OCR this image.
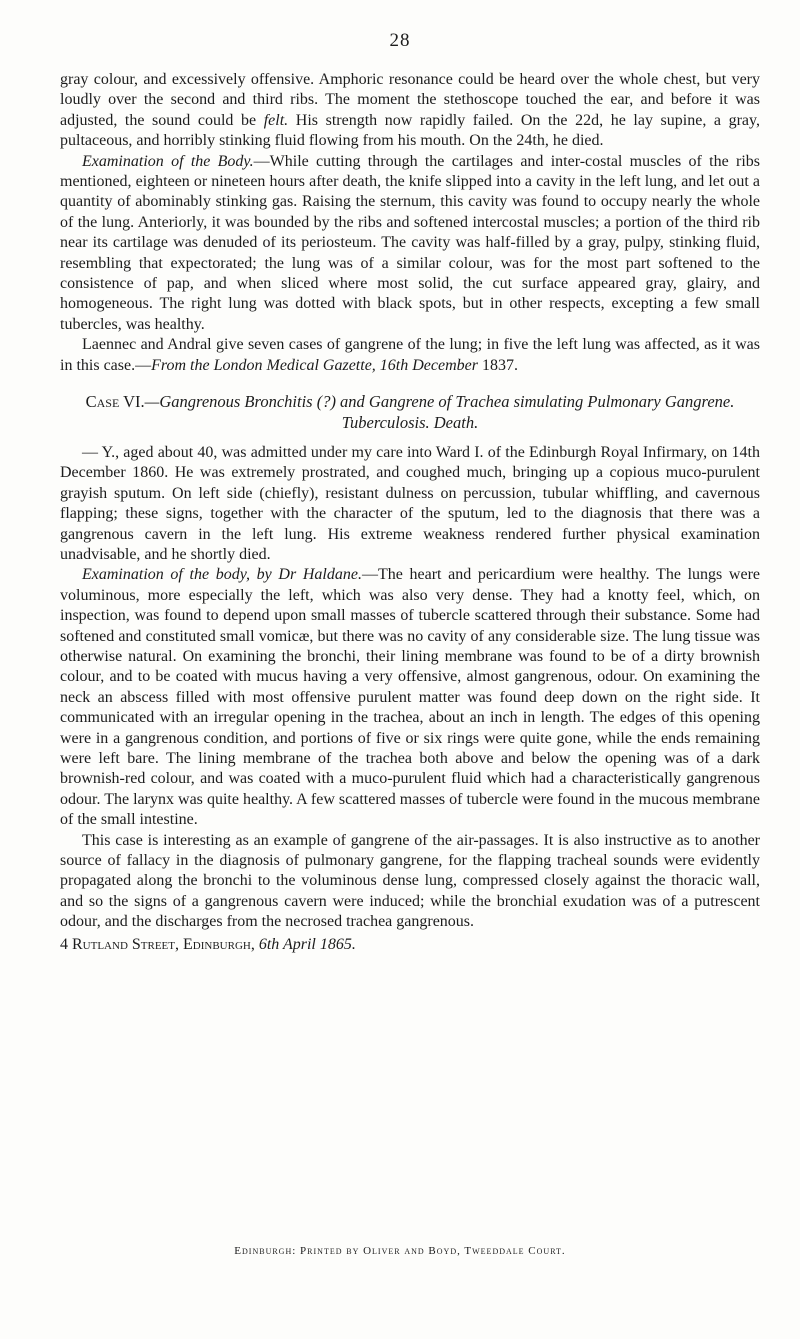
28

gray colour, and excessively offensive. Amphoric resonance could be heard over the whole chest, but very loudly over the second and third ribs. The moment the stethoscope touched the ear, and before it was adjusted, the sound could be felt. His strength now rapidly failed. On the 22d, he lay supine, a gray, pultaceous, and horribly stinking fluid flowing from his mouth. On the 24th, he died.

Examination of the Body.—While cutting through the cartilages and inter-costal muscles of the ribs mentioned, eighteen or nineteen hours after death, the knife slipped into a cavity in the left lung, and let out a quantity of abominably stinking gas. Raising the sternum, this cavity was found to occupy nearly the whole of the lung. Anteriorly, it was bounded by the ribs and softened intercostal muscles; a portion of the third rib near its cartilage was denuded of its periosteum. The cavity was half-filled by a gray, pulpy, stinking fluid, resembling that expectorated; the lung was of a similar colour, was for the most part softened to the consistence of pap, and when sliced where most solid, the cut surface appeared gray, glairy, and homogeneous. The right lung was dotted with black spots, but in other respects, excepting a few small tubercles, was healthy.

Laennec and Andral give seven cases of gangrene of the lung; in five the left lung was affected, as it was in this case.—From the London Medical Gazette, 16th December 1837.

Case VI.—Gangrenous Bronchitis (?) and Gangrene of Trachea simulating Pulmonary Gangrene. Tuberculosis. Death.

— Y., aged about 40, was admitted under my care into Ward I. of the Edinburgh Royal Infirmary, on 14th December 1860. He was extremely prostrated, and coughed much, bringing up a copious muco-purulent grayish sputum. On left side (chiefly), resistant dulness on percussion, tubular whiffling, and cavernous flapping; these signs, together with the character of the sputum, led to the diagnosis that there was a gangrenous cavern in the left lung. His extreme weakness rendered further physical examination unadvisable, and he shortly died.

Examination of the body, by Dr Haldane.—The heart and pericardium were healthy. The lungs were voluminous, more especially the left, which was also very dense. They had a knotty feel, which, on inspection, was found to depend upon small masses of tubercle scattered through their substance. Some had softened and constituted small vomicæ, but there was no cavity of any considerable size. The lung tissue was otherwise natural. On examining the bronchi, their lining membrane was found to be of a dirty brownish colour, and to be coated with mucus having a very offensive, almost gangrenous, odour. On examining the neck an abscess filled with most offensive purulent matter was found deep down on the right side. It communicated with an irregular opening in the trachea, about an inch in length. The edges of this opening were in a gangrenous condition, and portions of five or six rings were quite gone, while the ends remaining were left bare. The lining membrane of the trachea both above and below the opening was of a dark brownish-red colour, and was coated with a muco-purulent fluid which had a characteristically gangrenous odour. The larynx was quite healthy. A few scattered masses of tubercle were found in the mucous membrane of the small intestine.

This case is interesting as an example of gangrene of the air-passages. It is also instructive as to another source of fallacy in the diagnosis of pulmonary gangrene, for the flapping tracheal sounds were evidently propagated along the bronchi to the voluminous dense lung, compressed closely against the thoracic wall, and so the signs of a gangrenous cavern were induced; while the bronchial exudation was of a putrescent odour, and the discharges from the necrosed trachea gangrenous.

4 Rutland Street, Edinburgh, 6th April 1865.

Edinburgh: Printed by Oliver and Boyd, Tweeddale Court.
